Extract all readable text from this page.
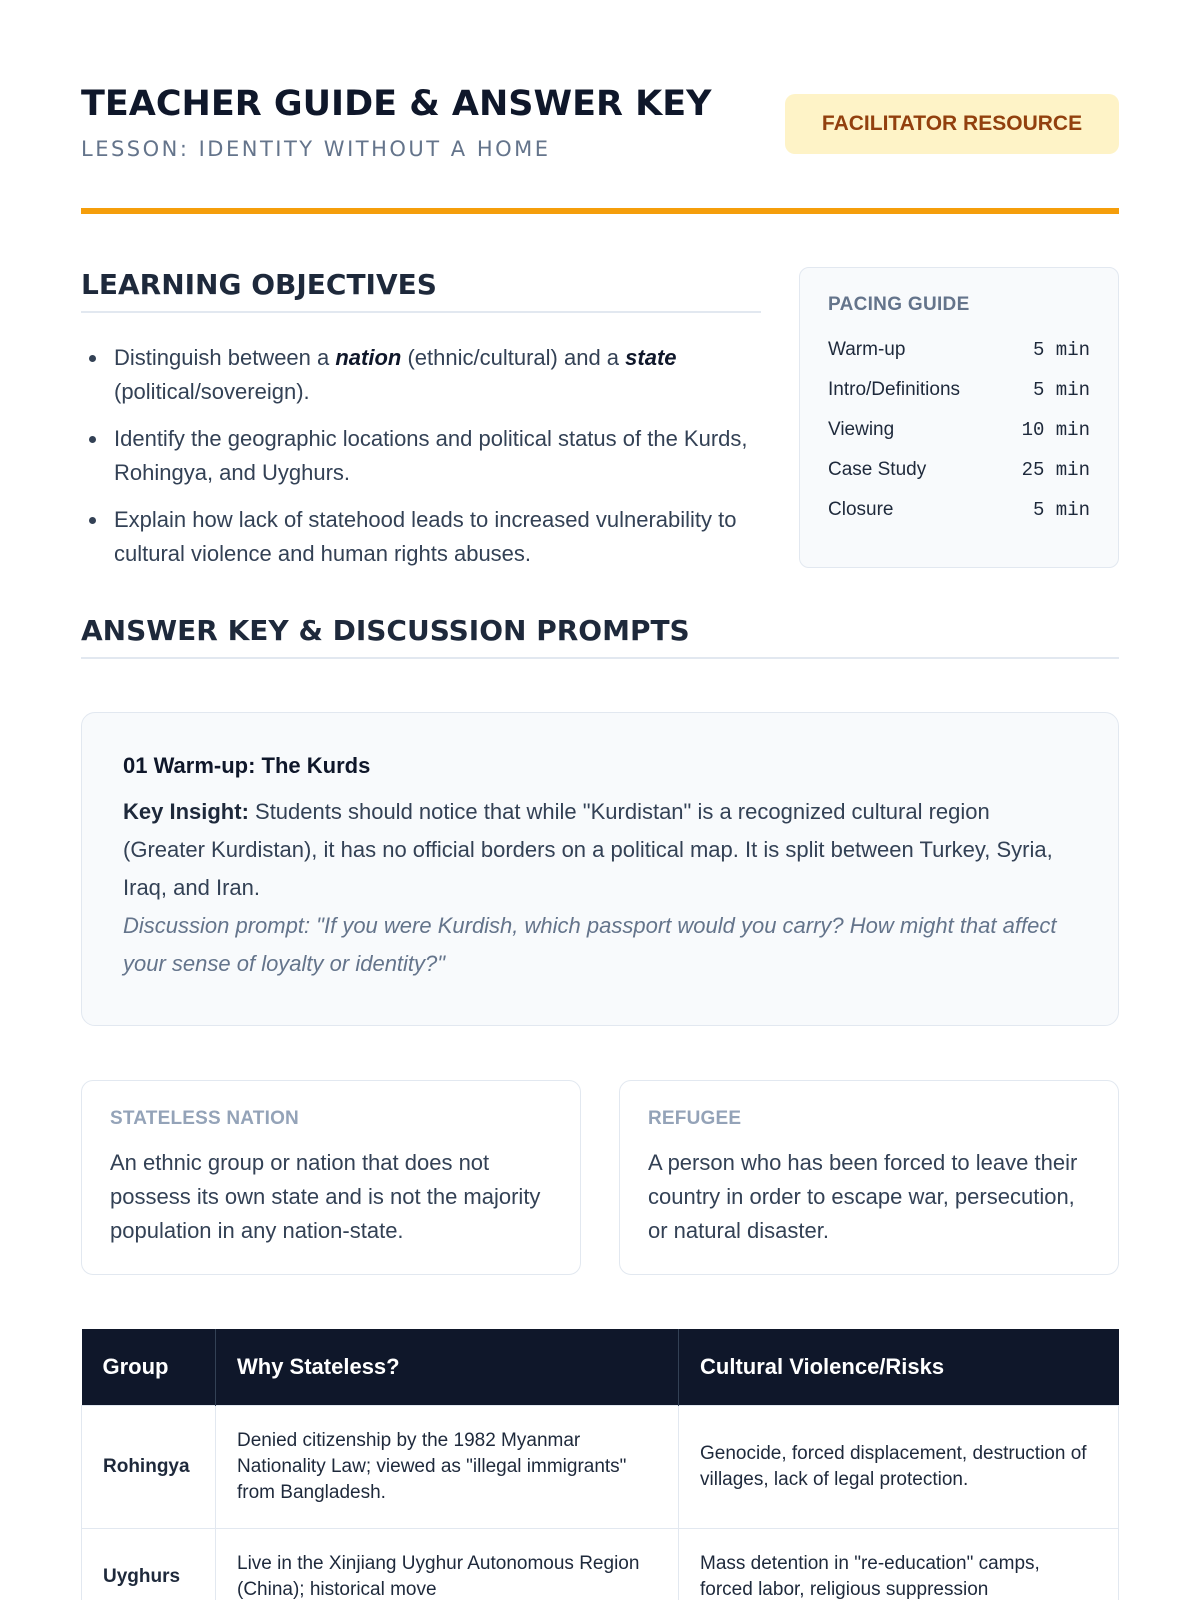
TEACHER GUIDE & ANSWER KEY
LESSON: IDENTITY WITHOUT A HOME
FACILITATOR RESOURCE
LEARNING OBJECTIVES
Distinguish between a nation (ethnic/cultural) and a state (political/sovereign).
Identify the geographic locations and political status of the Kurds, Rohingya, and Uyghurs.
Explain how lack of statehood leads to increased vulnerability to cultural violence and human rights abuses.
PACING GUIDE
Warm-up	5 min
Intro/Definitions	5 min
Viewing	10 min
Case Study	25 min
Closure	5 min
ANSWER KEY & DISCUSSION PROMPTS
01 Warm-up: The Kurds
Key Insight: Students should notice that while "Kurdistan" is a recognized cultural region (Greater Kurdistan), it has no official borders on a political map. It is split between Turkey, Syria, Iraq, and Iran.
Discussion prompt: "If you were Kurdish, which passport would you carry? How might that affect your sense of loyalty or identity?"
STATELESS NATION
An ethnic group or nation that does not possess its own state and is not the majority population in any nation-state.
REFUGEE
A person who has been forced to leave their country in order to escape war, persecution, or natural disaster.
Group	Why Stateless?	Cultural Violence/Risks
Rohingya	Denied citizenship by the 1982 Myanmar Nationality Law; viewed as "illegal immigrants" from Bangladesh.	Genocide, forced displacement, destruction of villages, lack of legal protection.
Uyghurs	Live in the Xinjiang Uyghur Autonomous Region (China); historical move	Mass detention in "re-education" camps, forced labor, religious suppression
